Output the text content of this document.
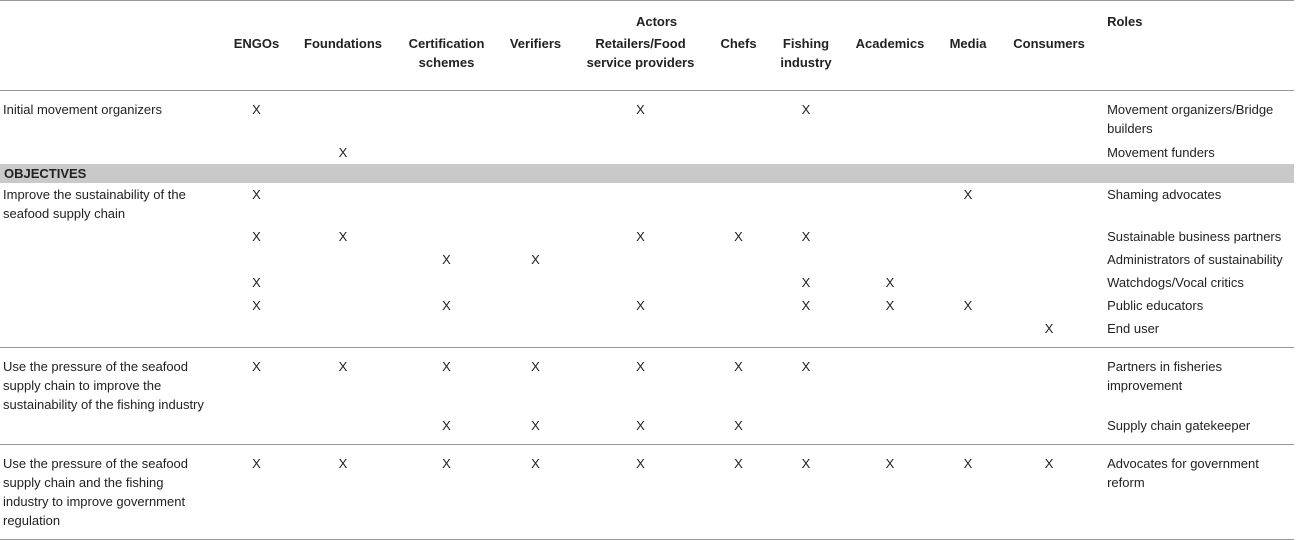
	Actors										Roles
	ENGOs	Foundations	Certification schemes	Verifiers	Retailers/Food service providers	Chefs	Fishing industry	Academics	Media	Consumers	
Initial movement organizers	X				X		X				Movement organizers/Bridge builders
		X									Movement funders
OBJECTIVES											
Improve the sustainability of the seafood supply chain	X								X		Shaming advocates
	X	X			X	X	X				Sustainable business partners
			X	X							Administrators of sustainability
	X						X	X			Watchdogs/Vocal critics
	X		X		X		X	X	X		Public educators
										X	End user
Use the pressure of the seafood supply chain to improve the sustainability of the fishing industry	X	X	X	X	X	X	X				Partners in fisheries improvement
			X	X	X	X					Supply chain gatekeeper
Use the pressure of the seafood supply chain and the fishing industry to improve government regulation	X	X	X	X	X	X	X	X	X	X	Advocates for government reform
